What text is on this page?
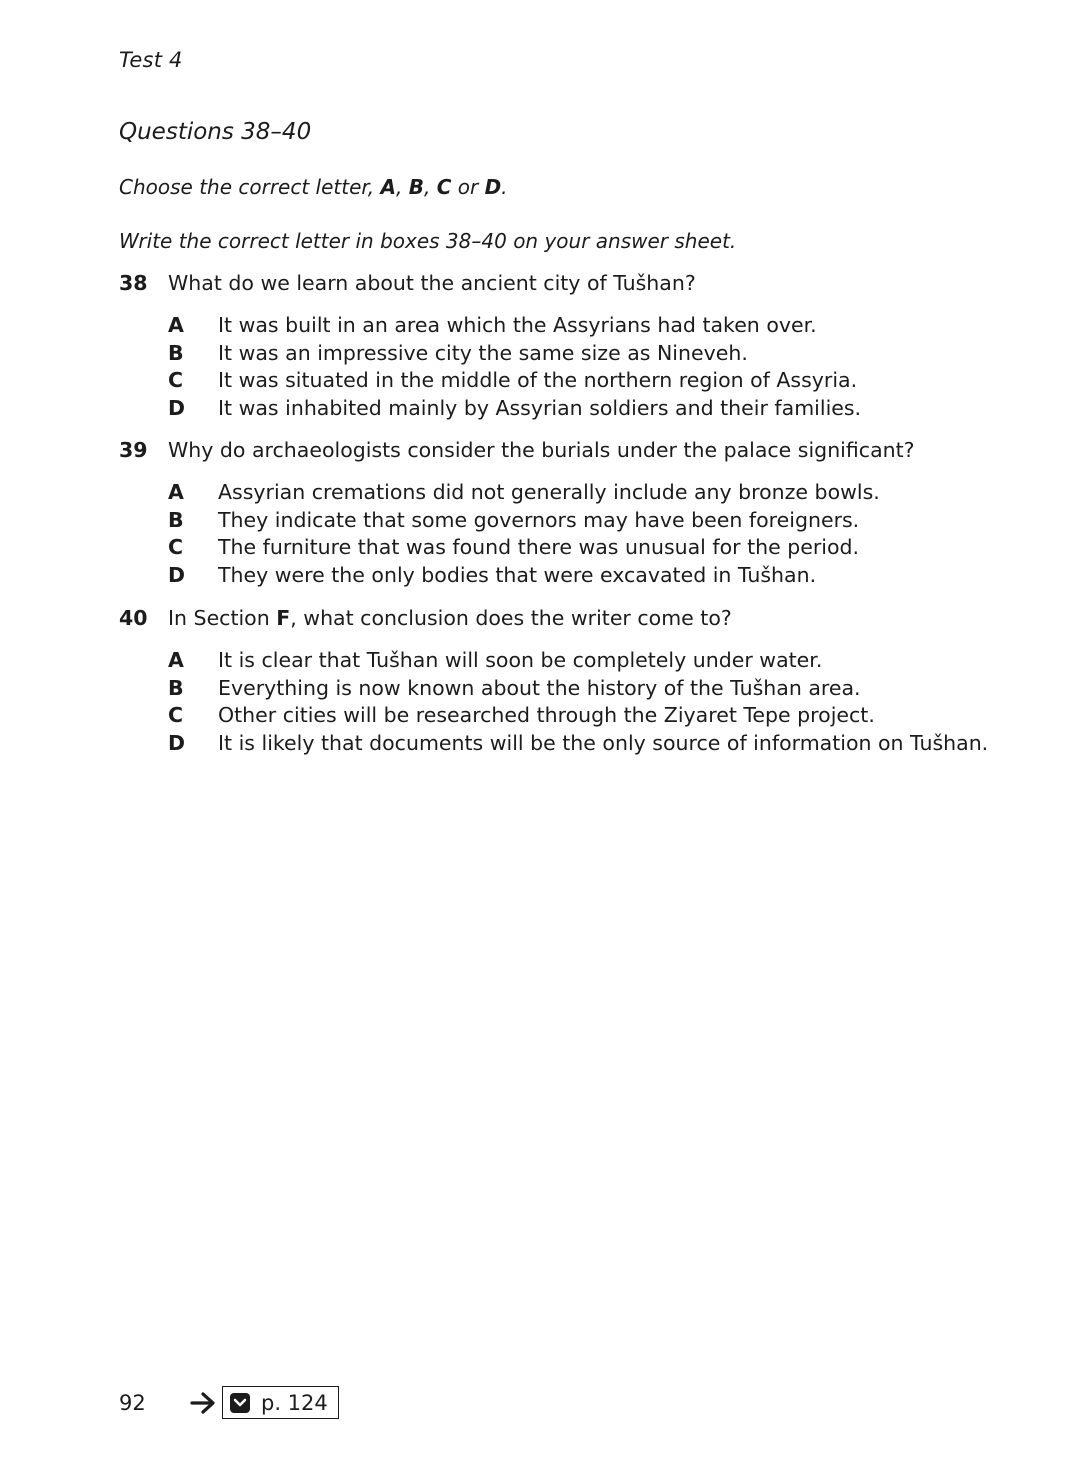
Test 4
Questions 38–40
Choose the correct letter, A, B, C or D.
Write the correct letter in boxes 38–40 on your answer sheet.
38 What do we learn about the ancient city of Tušhan?
A It was built in an area which the Assyrians had taken over.
B It was an impressive city the same size as Nineveh.
C It was situated in the middle of the northern region of Assyria.
D It was inhabited mainly by Assyrian soldiers and their families.
39 Why do archaeologists consider the burials under the palace significant?
A Assyrian cremations did not generally include any bronze bowls.
B They indicate that some governors may have been foreigners.
C The furniture that was found there was unusual for the period.
D They were the only bodies that were excavated in Tušhan.
40 In Section F, what conclusion does the writer come to?
A It is clear that Tušhan will soon be completely under water.
B Everything is now known about the history of the Tušhan area.
C Other cities will be researched through the Ziyaret Tepe project.
D It is likely that documents will be the only source of information on Tušhan.
92	p. 124
